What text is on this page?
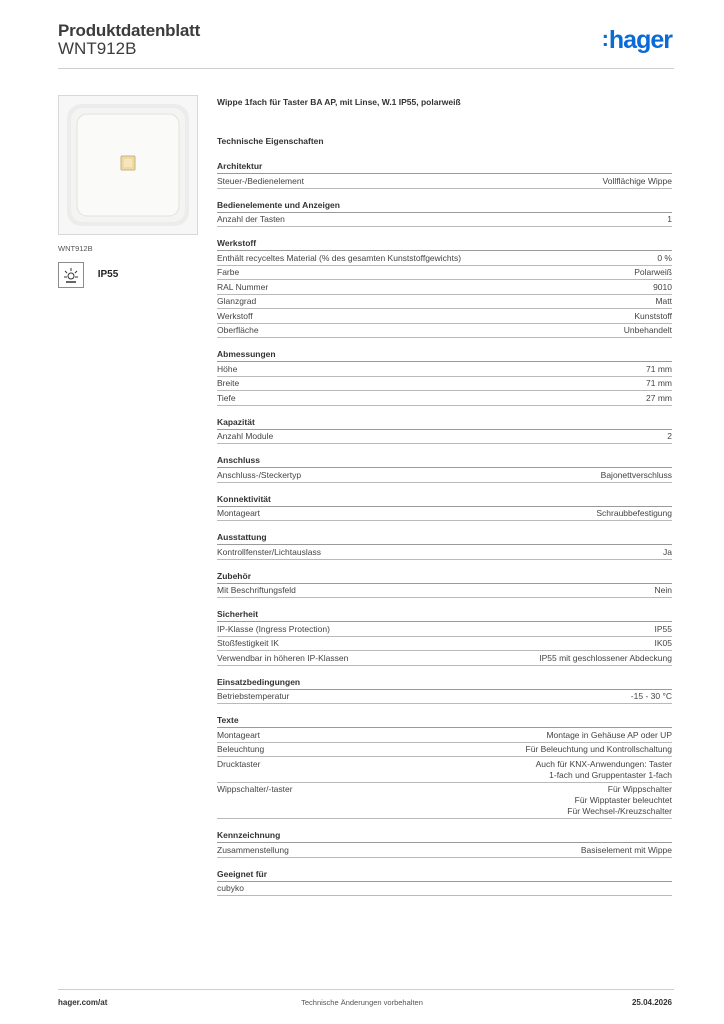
Produktdatenblatt
WNT912B	:hager
WNT912B
IP55
Wippe 1fach für Taster BA AP, mit Linse, W.1 IP55, polarweiß
Technische Eigenschaften
Architektur
Steuer-/Bedienelement	Vollflächige Wippe
Bedienelemente und Anzeigen
Anzahl der Tasten	1
Werkstoff
Enthält recyceltes Material (% des gesamten Kunststoffgewichts)	0 %
Farbe	Polarweiß
RAL Nummer	9010
Glanzgrad	Matt
Werkstoff	Kunststoff
Oberfläche	Unbehandelt
Abmessungen
Höhe	71 mm
Breite	71 mm
Tiefe	27 mm
Kapazität
Anzahl Module	2
Anschluss
Anschluss-/Steckertyp	Bajonettverschluss
Konnektivität
Montageart	Schraubbefestigung
Ausstattung
Kontrollfenster/Lichtauslass	Ja
Zubehör
Mit Beschriftungsfeld	Nein
Sicherheit
IP-Klasse (Ingress Protection)	IP55
Stoßfestigkeit IK	IK05
Verwendbar in höheren IP-Klassen	IP55 mit geschlossener Abdeckung
Einsatzbedingungen
Betriebstemperatur	-15 - 30 °C
Texte
Montageart	Montage in Gehäuse AP oder UP
Beleuchtung	Für Beleuchtung und Kontrollschaltung
Drucktaster	Auch für KNX-Anwendungen: Taster
1-fach und Gruppentaster 1-fach
Wippschalter/-taster	Für Wippschalter
Für Wipptaster beleuchtet
Für Wechsel-/Kreuzschalter
Kennzeichnung
Zusammenstellung	Basiselement mit Wippe
Geeignet für
cubyko
hager.com/at	Technische Änderungen vorbehalten	25.04.2026
